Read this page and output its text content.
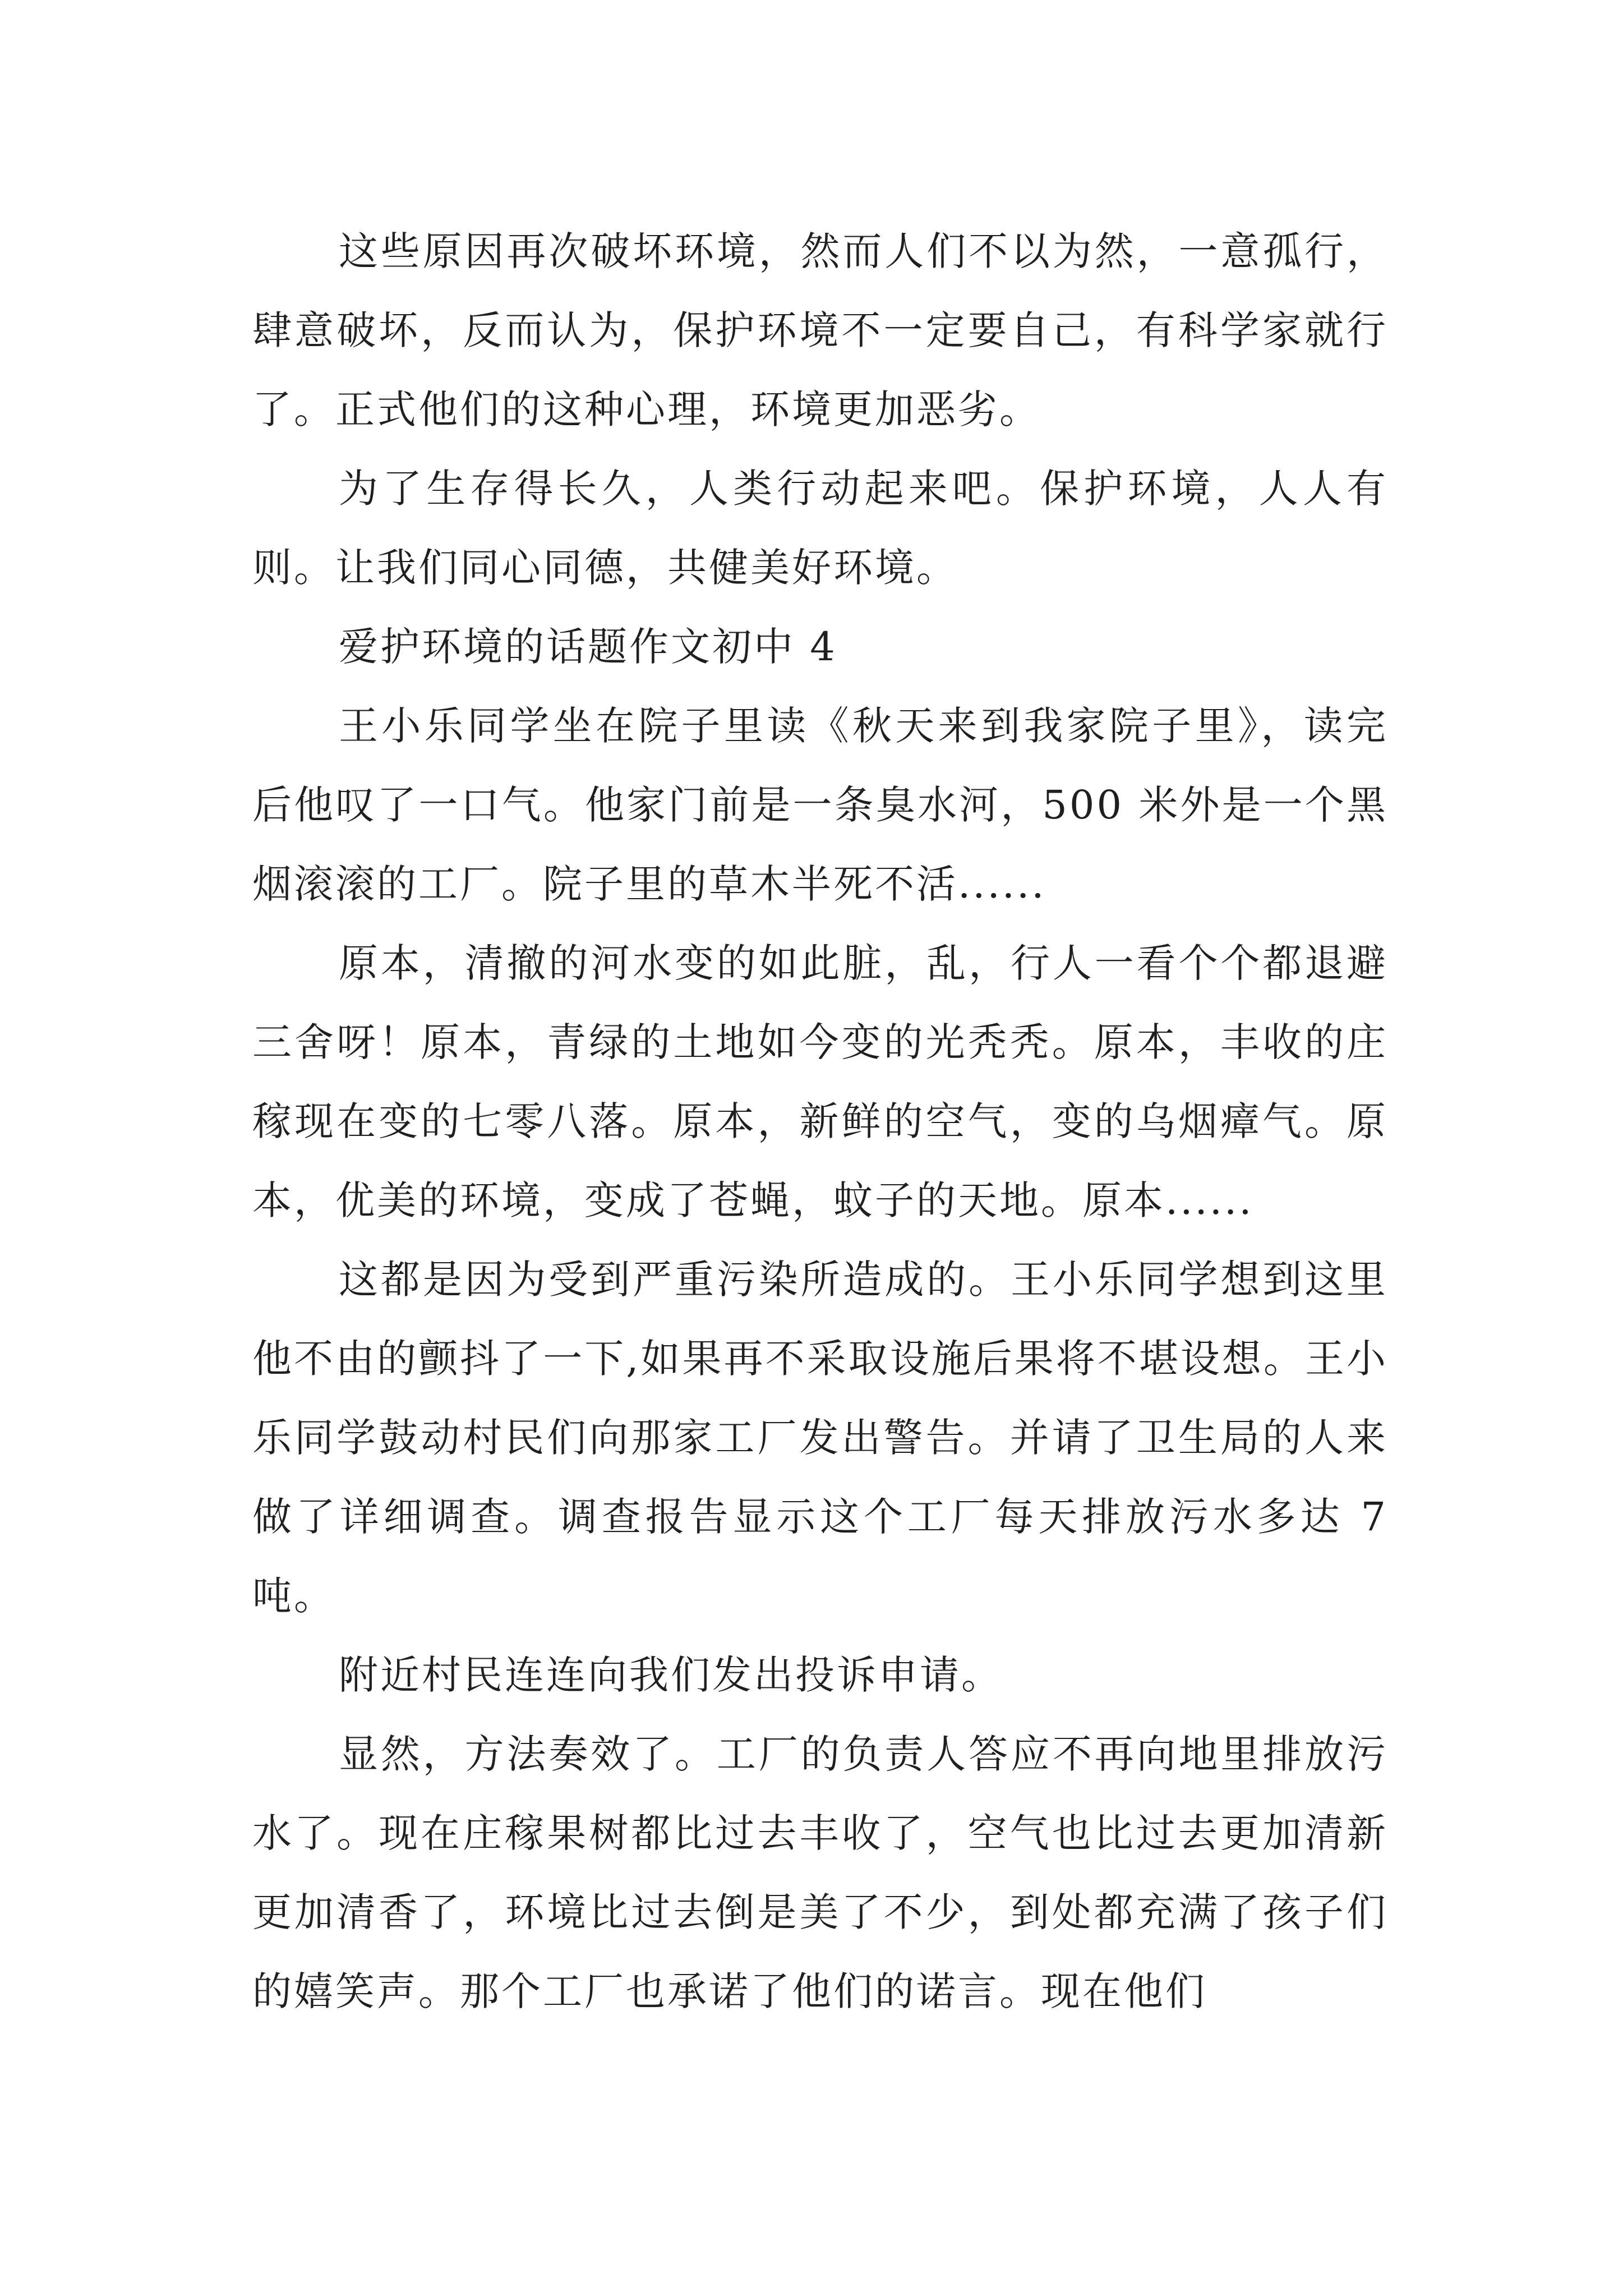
这些原因再次破坏环境，然而人们不以为然，一意孤行，肆意破坏，反而认为，保护环境不一定要自己，有科学家就行了。正式他们的这种心理，环境更加恶劣。

为了生存得长久，人类行动起来吧。保护环境，人人有则。让我们同心同德，共健美好环境。

爱护环境的话题作文初中 4

王小乐同学坐在院子里读《秋天来到我家院子里》，读完后他叹了一口气。他家门前是一条臭水河，500 米外是一个黑烟滚滚的工厂。院子里的草木半死不活......

原本，清撤的河水变的如此脏，乱，行人一看个个都退避三舍呀！原本，青绿的土地如今变的光秃秃。原本，丰收的庄稼现在变的七零八落。原本，新鲜的空气，变的乌烟瘴气。原本，优美的环境，变成了苍蝇，蚊子的天地。原本......

这都是因为受到严重污染所造成的。王小乐同学想到这里他不由的颤抖了一下,如果再不采取设施后果将不堪设想。王小乐同学鼓动村民们向那家工厂发出警告。并请了卫生局的人来做了详细调查。调查报告显示这个工厂每天排放污水多达 7 吨。

附近村民连连向我们发出投诉申请。

显然，方法奏效了。工厂的负责人答应不再向地里排放污水了。现在庄稼果树都比过去丰收了，空气也比过去更加清新更加清香了，环境比过去倒是美了不少，到处都充满了孩子们的嬉笑声。那个工厂也承诺了他们的诺言。现在他们
